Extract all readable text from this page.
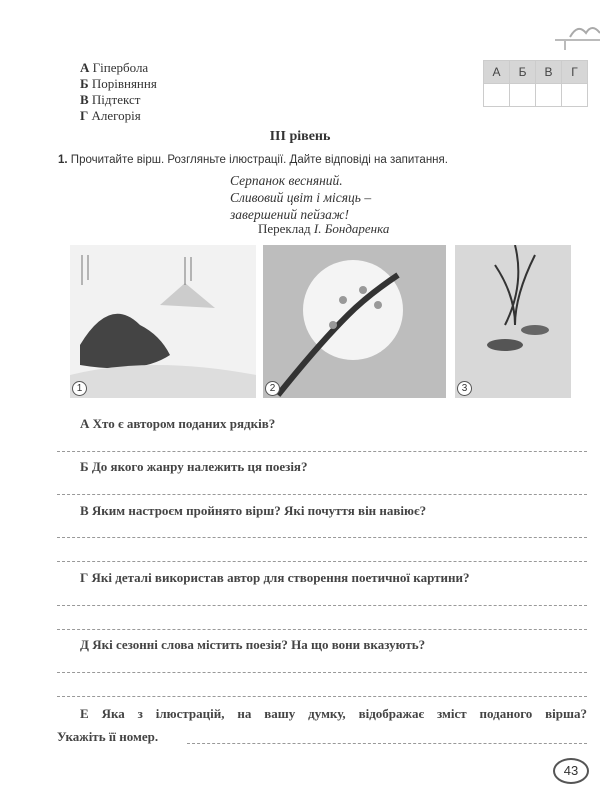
А Гіпербола
Б Порівняння
В Підтекст
Г Алегорія
А	Б	В	Г

III рівень
1. Прочитайте вірш. Розгляньте ілюстрації. Дайте відповіді на запитання.
Серпанок весняний.
Сливовий цвіт і місяць –
завершений пейзаж!
Переклад І. Бондаренка
1	2	3
А Хто є автором поданих рядків?
Б До якого жанру належить ця поезія?
В Яким настроєм пройнято вірш? Які почуття він навіює?
Г Які деталі використав автор для створення поетичної картини?
Д Які сезонні слова містить поезія? На що вони вказують?
Е Яка з ілюстрацій, на вашу думку, відображає зміст поданого вірша?
Укажіть її номер.
43
